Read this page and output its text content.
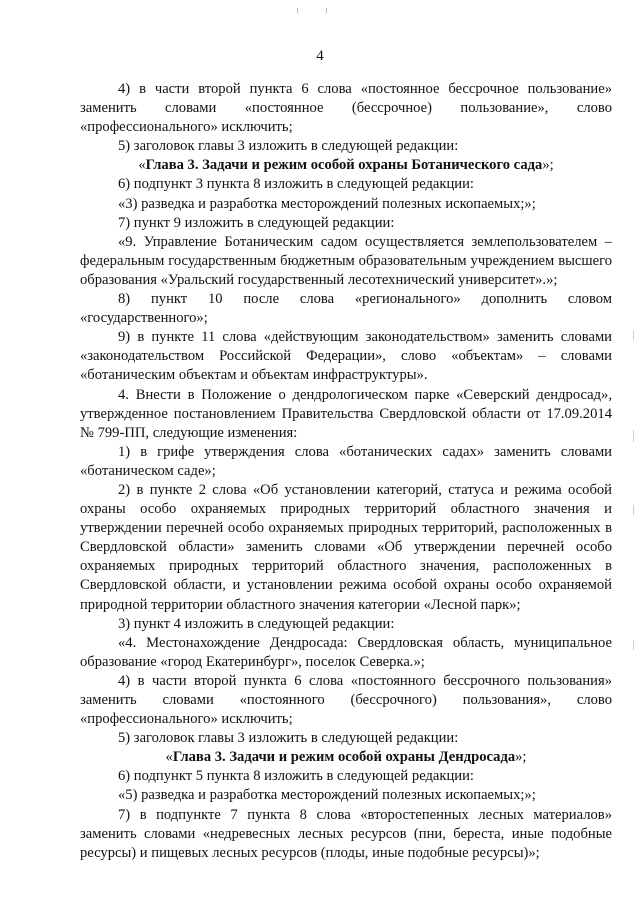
4

4) в части второй пункта 6 слова «постоянное бессрочное пользование» заменить словами «постоянное (бессрочное) пользование», слово «профессионального» исключить;

5) заголовок главы 3 изложить в следующей редакции:

«Глава 3. Задачи и режим особой охраны Ботанического сада»;

6) подпункт 3 пункта 8 изложить в следующей редакции:

«3) разведка и разработка месторождений полезных ископаемых;»;

7) пункт 9 изложить в следующей редакции:

«9. Управление Ботаническим садом осуществляется землепользователем – федеральным государственным бюджетным образовательным учреждением высшего образования «Уральский государственный лесотехнический университет».»;

8) пункт 10 после слова «регионального» дополнить словом «государственного»;

9) в пункте 11 слова «действующим законодательством» заменить словами «законодательством Российской Федерации», слово «объектам» – словами «ботаническим объектам и объектам инфраструктуры».

4. Внести в Положение о дендрологическом парке «Северский дендросад», утвержденное постановлением Правительства Свердловской области от 17.09.2014 № 799-ПП, следующие изменения:

1) в грифе утверждения слова «ботанических садах» заменить словами «ботаническом саде»;

2) в пункте 2 слова «Об установлении категорий, статуса и режима особой охраны особо охраняемых природных территорий областного значения и утверждении перечней особо охраняемых природных территорий, расположенных в Свердловской области» заменить словами «Об утверждении перечней особо охраняемых природных территорий областного значения, расположенных в Свердловской области, и установлении режима особой охраны особо охраняемой природной территории областного значения категории «Лесной парк»;

3) пункт 4 изложить в следующей редакции:

«4. Местонахождение Дендросада: Свердловская область, муниципальное образование «город Екатеринбург», поселок Северка.»;

4) в части второй пункта 6 слова «постоянного бессрочного пользования» заменить словами «постоянного (бессрочного) пользования», слово «профессионального» исключить;

5) заголовок главы 3 изложить в следующей редакции:

«Глава 3. Задачи и режим особой охраны Дендросада»;

6) подпункт 5 пункта 8 изложить в следующей редакции:

«5) разведка и разработка месторождений полезных ископаемых;»;

7) в подпункте 7 пункта 8 слова «второстепенных лесных материалов» заменить словами «недревесных лесных ресурсов (пни, береста, иные подобные ресурсы) и пищевых лесных ресурсов (плоды, иные подобные ресурсы)»;
